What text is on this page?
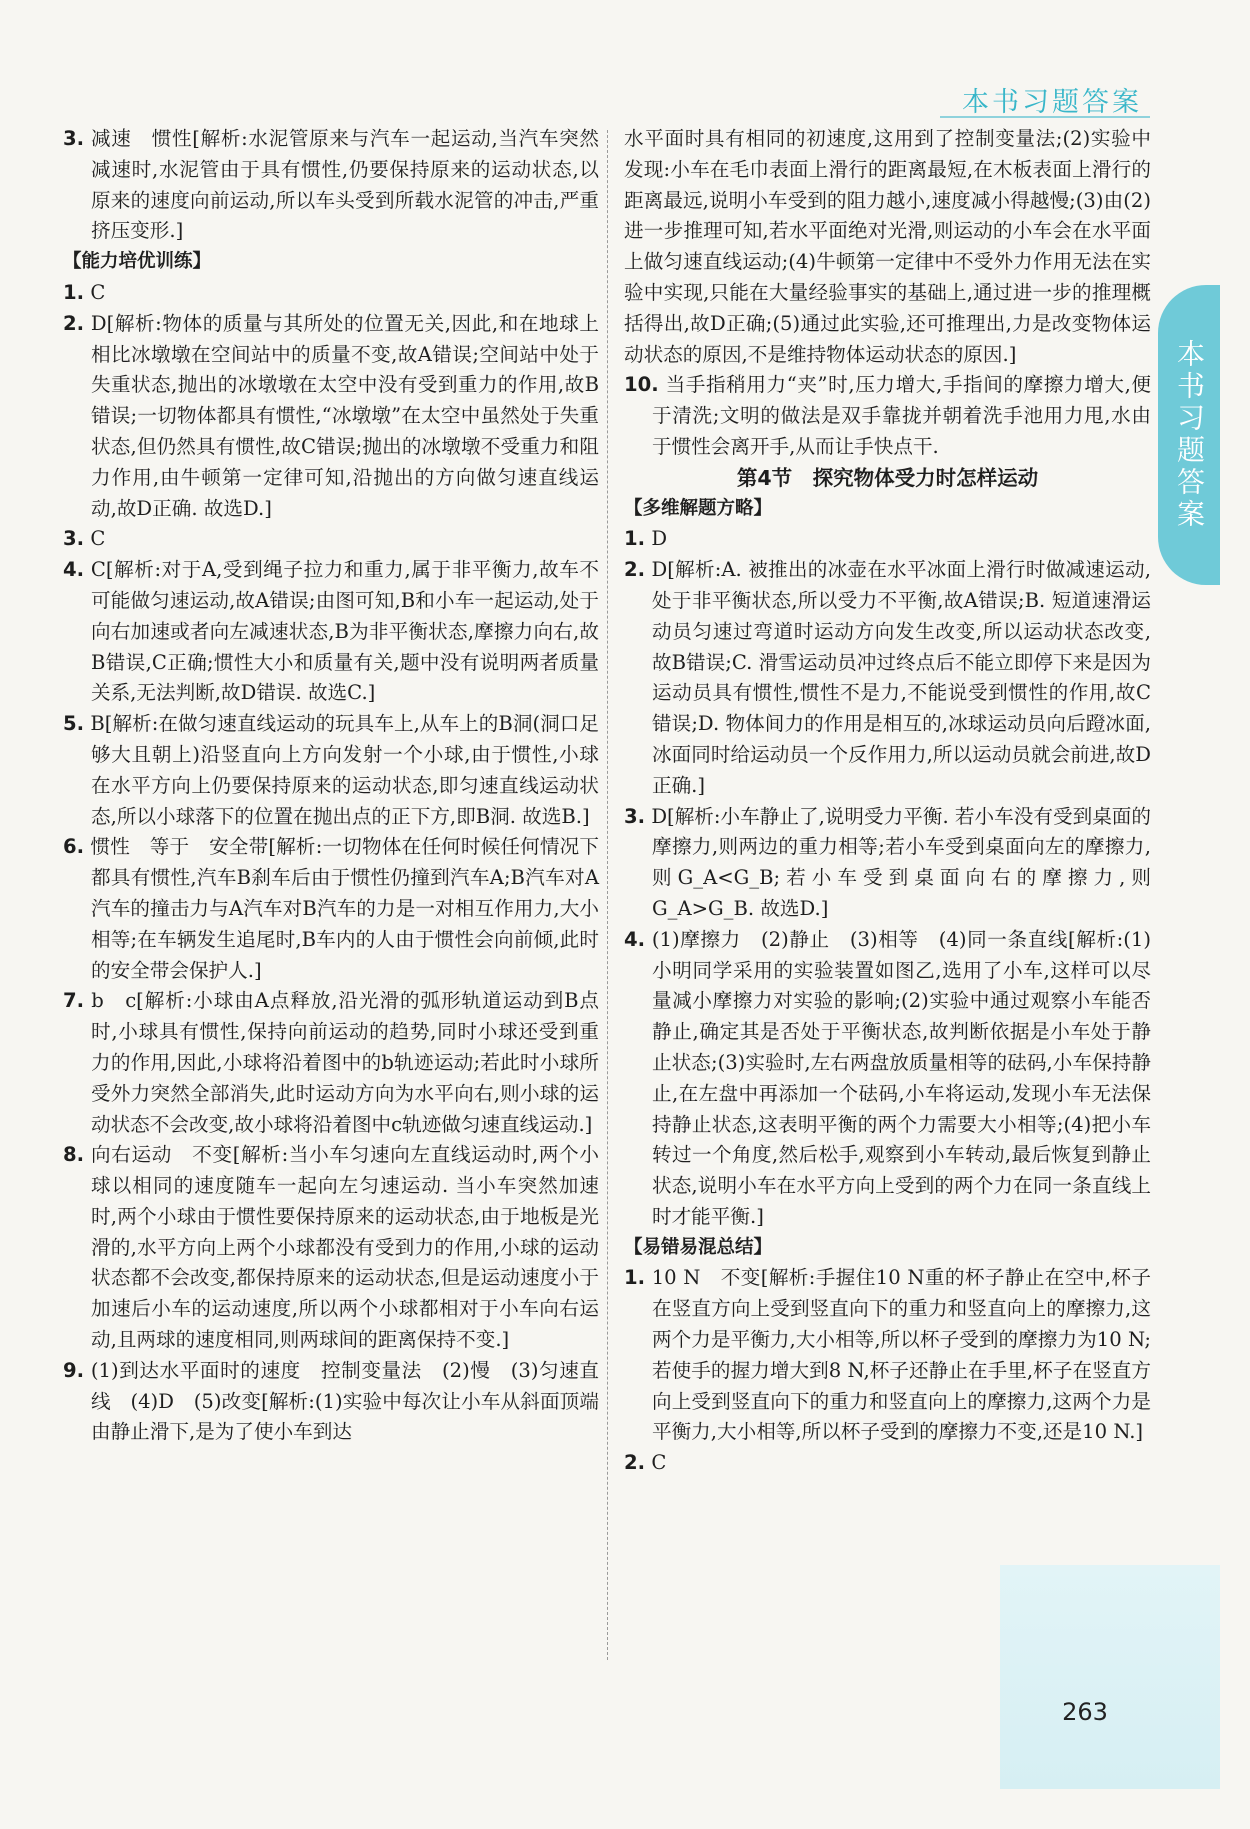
本书习题答案
本书习题答案
263

3. 减速　惯性[解析:水泥管原来与汽车一起运动,当汽车突然减速时,水泥管由于具有惯性,仍要保持原来的运动状态,以原来的速度向前运动,所以车头受到所载水泥管的冲击,严重挤压变形.]

【能力培优训练】

1. C

2. D[解析:物体的质量与其所处的位置无关,因此,和在地球上相比冰墩墩在空间站中的质量不变,故A错误;空间站中处于失重状态,抛出的冰墩墩在太空中没有受到重力的作用,故B错误;一切物体都具有惯性,“冰墩墩”在太空中虽然处于失重状态,但仍然具有惯性,故C错误;抛出的冰墩墩不受重力和阻力作用,由牛顿第一定律可知,沿抛出的方向做匀速直线运动,故D正确. 故选D.]

3. C

4. C[解析:对于A,受到绳子拉力和重力,属于非平衡力,故车不可能做匀速运动,故A错误;由图可知,B和小车一起运动,处于向右加速或者向左减速状态,B为非平衡状态,摩擦力向右,故B错误,C正确;惯性大小和质量有关,题中没有说明两者质量关系,无法判断,故D错误. 故选C.]

5. B[解析:在做匀速直线运动的玩具车上,从车上的B洞(洞口足够大且朝上)沿竖直向上方向发射一个小球,由于惯性,小球在水平方向上仍要保持原来的运动状态,即匀速直线运动状态,所以小球落下的位置在抛出点的正下方,即B洞. 故选B.]

6. 惯性　等于　安全带[解析:一切物体在任何时候任何情况下都具有惯性,汽车B刹车后由于惯性仍撞到汽车A;B汽车对A汽车的撞击力与A汽车对B汽车的力是一对相互作用力,大小相等;在车辆发生追尾时,B车内的人由于惯性会向前倾,此时的安全带会保护人.]

7. b　c[解析:小球由A点释放,沿光滑的弧形轨道运动到B点时,小球具有惯性,保持向前运动的趋势,同时小球还受到重力的作用,因此,小球将沿着图中的b轨迹运动;若此时小球所受外力突然全部消失,此时运动方向为水平向右,则小球的运动状态不会改变,故小球将沿着图中c轨迹做匀速直线运动.]

8. 向右运动　不变[解析:当小车匀速向左直线运动时,两个小球以相同的速度随车一起向左匀速运动. 当小车突然加速时,两个小球由于惯性要保持原来的运动状态,由于地板是光滑的,水平方向上两个小球都没有受到力的作用,小球的运动状态都不会改变,都保持原来的运动状态,但是运动速度小于加速后小车的运动速度,所以两个小球都相对于小车向右运动,且两球的速度相同,则两球间的距离保持不变.]

9. (1)到达水平面时的速度　控制变量法　(2)慢　(3)匀速直线　(4)D　(5)改变[解析:(1)实验中每次让小车从斜面顶端由静止滑下,是为了使小车到达

水平面时具有相同的初速度,这用到了控制变量法;(2)实验中发现:小车在毛巾表面上滑行的距离最短,在木板表面上滑行的距离最远,说明小车受到的阻力越小,速度减小得越慢;(3)由(2)进一步推理可知,若水平面绝对光滑,则运动的小车会在水平面上做匀速直线运动;(4)牛顿第一定律中不受外力作用无法在实验中实现,只能在大量经验事实的基础上,通过进一步的推理概括得出,故D正确;(5)通过此实验,还可推理出,力是改变物体运动状态的原因,不是维持物体运动状态的原因.]

10. 当手指稍用力“夹”时,压力增大,手指间的摩擦力增大,便于清洗;文明的做法是双手靠拢并朝着洗手池用力甩,水由于惯性会离开手,从而让手快点干.

第4节　探究物体受力时怎样运动

【多维解题方略】

1. D

2. D[解析:A. 被推出的冰壶在水平冰面上滑行时做减速运动,处于非平衡状态,所以受力不平衡,故A错误;B. 短道速滑运动员匀速过弯道时运动方向发生改变,所以运动状态改变,故B错误;C. 滑雪运动员冲过终点后不能立即停下来是因为运动员具有惯性,惯性不是力,不能说受到惯性的作用,故C错误;D. 物体间力的作用是相互的,冰球运动员向后蹬冰面,冰面同时给运动员一个反作用力,所以运动员就会前进,故D正确.]

3. D[解析:小车静止了,说明受力平衡. 若小车没有受到桌面的摩擦力,则两边的重力相等;若小车受到桌面向左的摩擦力,则G_A<G_B;若小车受到桌面向右的摩擦力,则G_A>G_B. 故选D.]

4. (1)摩擦力　(2)静止　(3)相等　(4)同一条直线[解析:(1)小明同学采用的实验装置如图乙,选用了小车,这样可以尽量减小摩擦力对实验的影响;(2)实验中通过观察小车能否静止,确定其是否处于平衡状态,故判断依据是小车处于静止状态;(3)实验时,左右两盘放质量相等的砝码,小车保持静止,在左盘中再添加一个砝码,小车将运动,发现小车无法保持静止状态,这表明平衡的两个力需要大小相等;(4)把小车转过一个角度,然后松手,观察到小车转动,最后恢复到静止状态,说明小车在水平方向上受到的两个力在同一条直线上时才能平衡.]

【易错易混总结】

1. 10 N　不变[解析:手握住10 N重的杯子静止在空中,杯子在竖直方向上受到竖直向下的重力和竖直向上的摩擦力,这两个力是平衡力,大小相等,所以杯子受到的摩擦力为10 N;若使手的握力增大到8 N,杯子还静止在手里,杯子在竖直方向上受到竖直向下的重力和竖直向上的摩擦力,这两个力是平衡力,大小相等,所以杯子受到的摩擦力不变,还是10 N.]

2. C
